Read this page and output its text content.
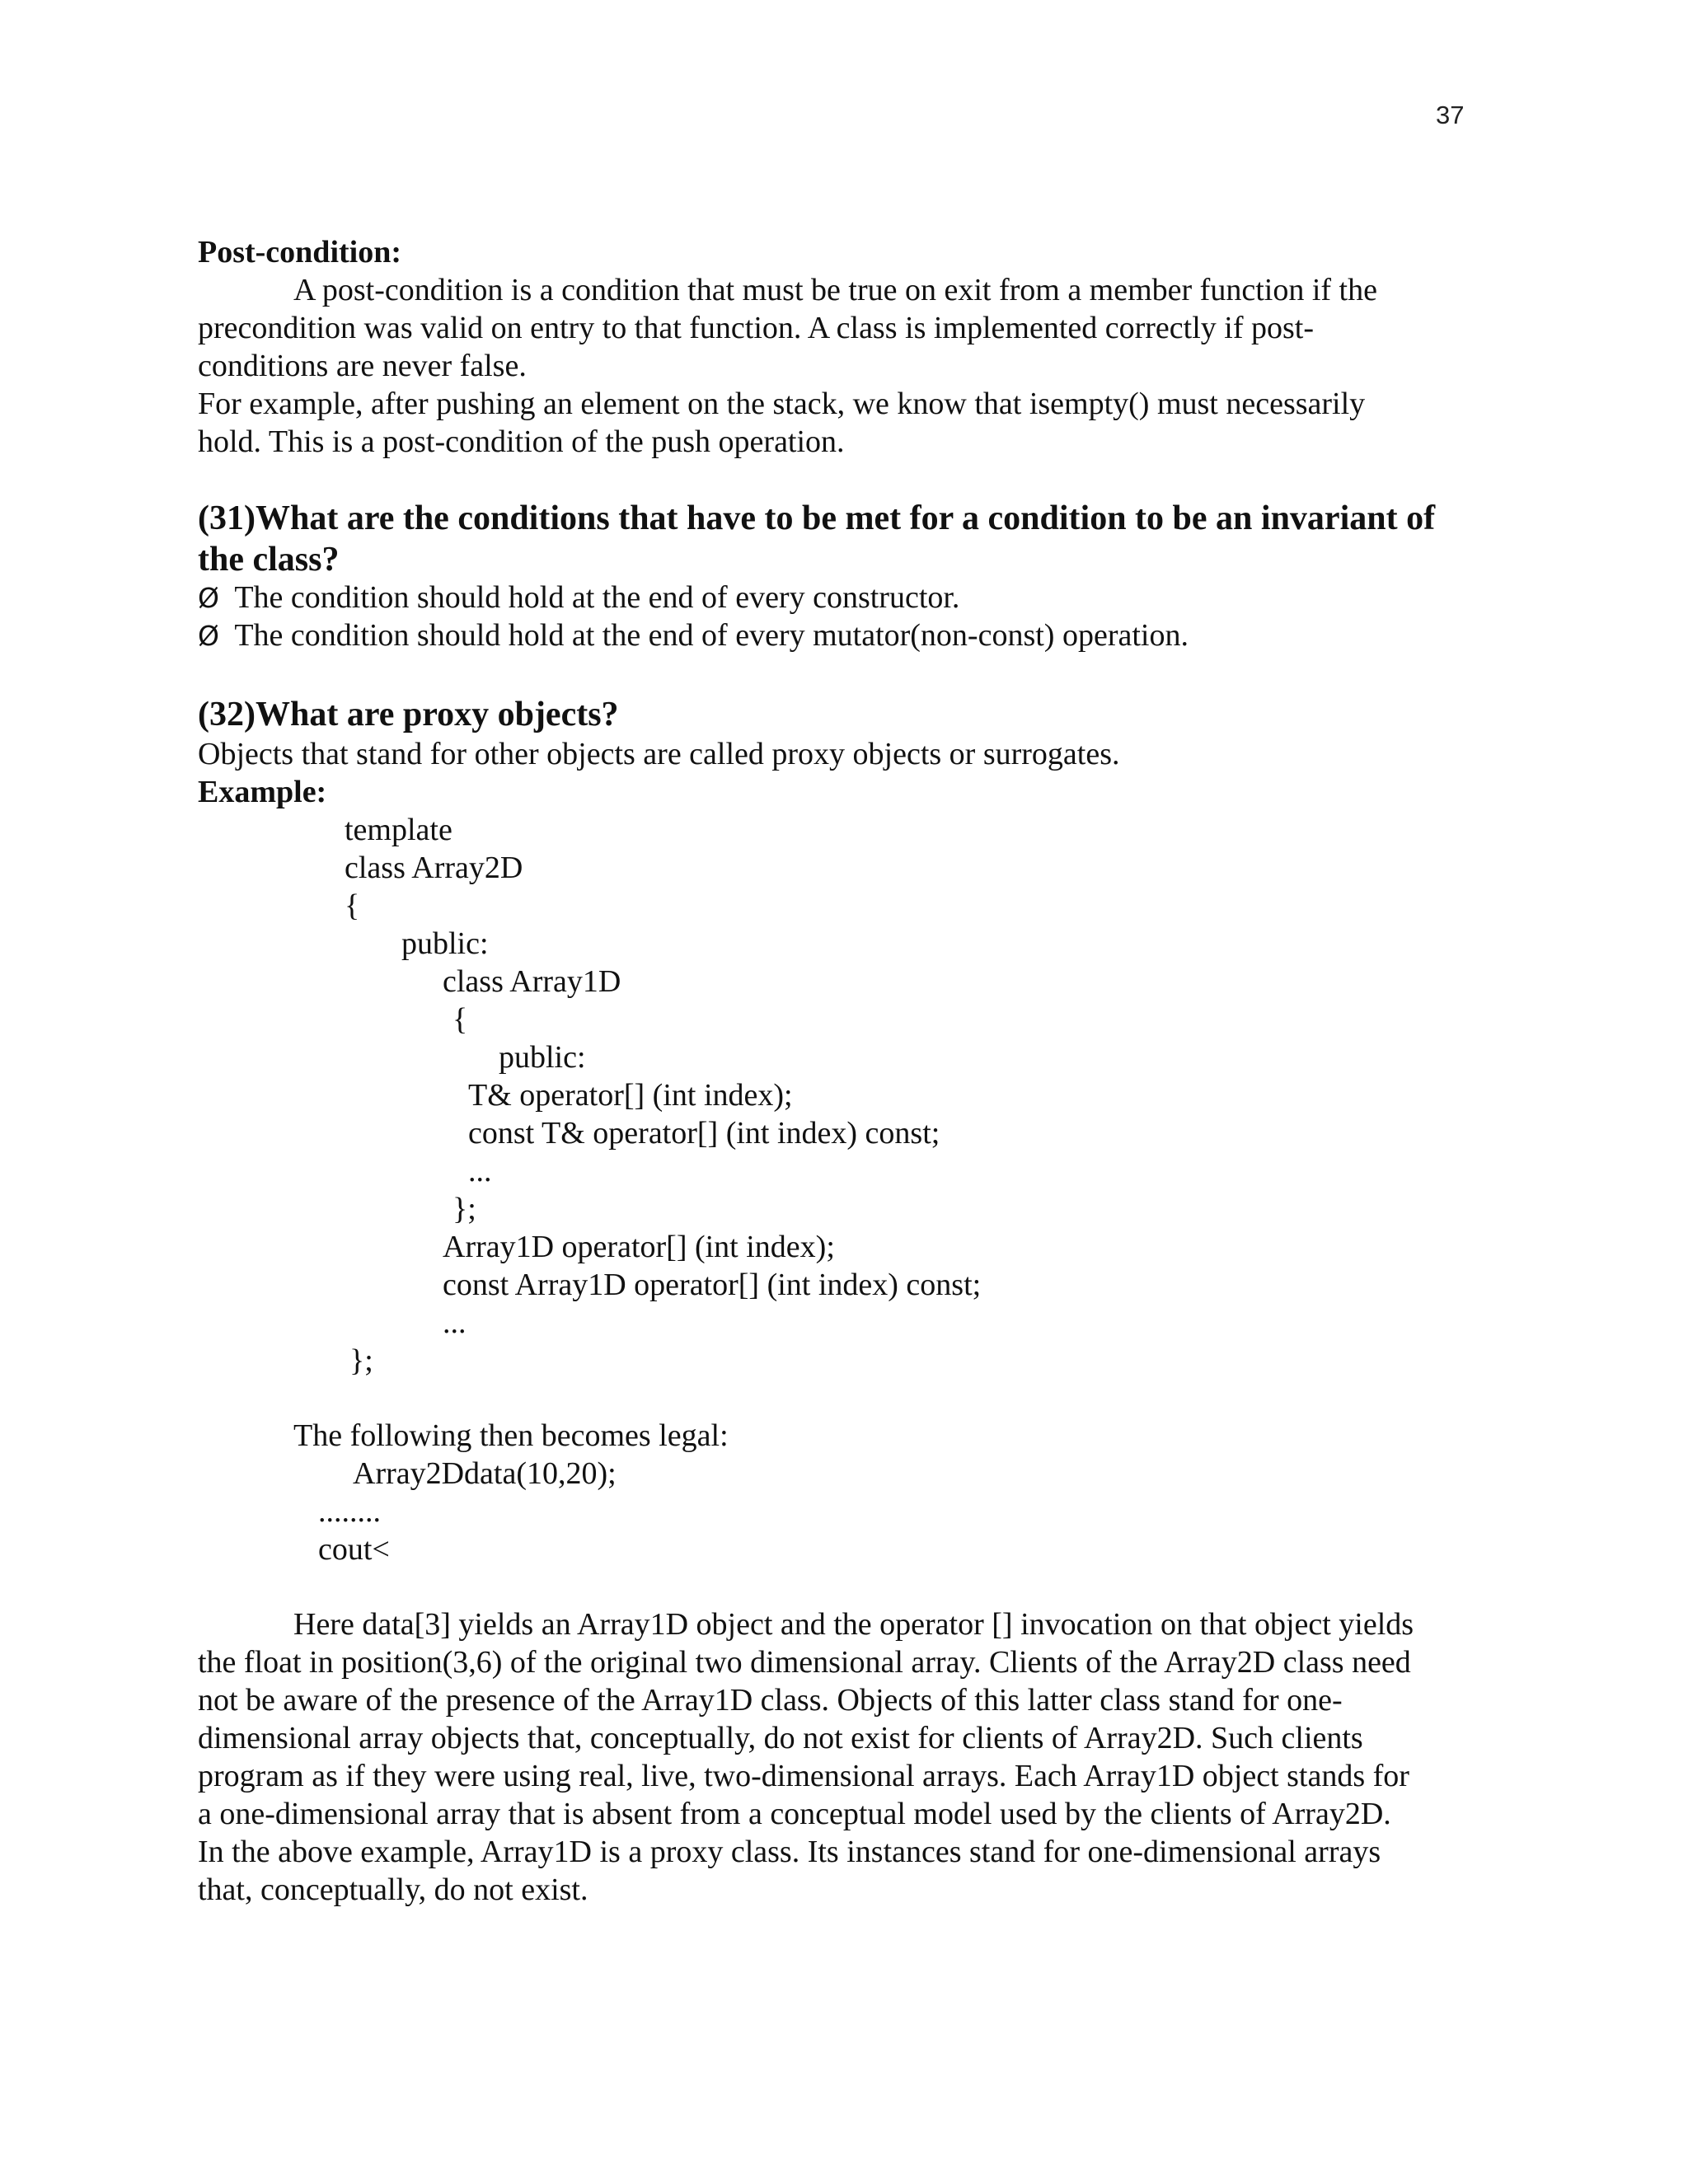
37

Post-condition:

A post-condition is a condition that must be true on exit from a member function if the

precondition was valid on entry to that function. A class is implemented correctly if post-

conditions are never false.

For example, after pushing an element on the stack, we know that isempty() must necessarily

hold. This is a post-condition of the push operation.

(31)What are the conditions that have to be met for a condition to be an invariant of

the class?

Ø The condition should hold at the end of every constructor.

Ø The condition should hold at the end of every mutator(non-const) operation.

(32)What are proxy objects?

Objects that stand for other objects are called proxy objects or surrogates.

Example:

template

class Array2D

{

public:

class Array1D

{

public:

T& operator[] (int index);

const T& operator[] (int index) const;

...

};

Array1D operator[] (int index);

const Array1D operator[] (int index) const;

...

};

The following then becomes legal:

Array2Ddata(10,20);

........

cout<

Here data[3] yields an Array1D object and the operator [] invocation on that object yields

the float in position(3,6) of the original two dimensional array. Clients of the Array2D class need

not be aware of the presence of the Array1D class. Objects of this latter class stand for one-

dimensional array objects that, conceptually, do not exist for clients of Array2D. Such clients

program as if they were using real, live, two-dimensional arrays. Each Array1D object stands for

a one-dimensional array that is absent from a conceptual model used by the clients of Array2D.

In the above example, Array1D is a proxy class. Its instances stand for one-dimensional arrays

that, conceptually, do not exist.
